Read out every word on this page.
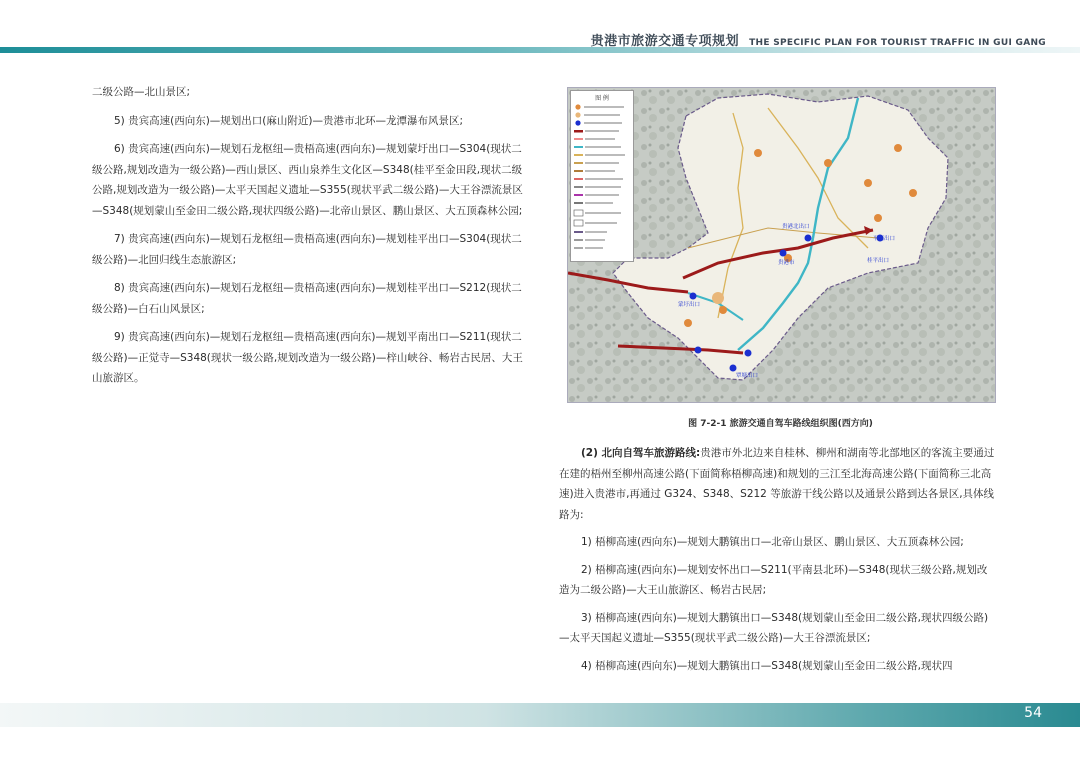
贵港市旅游交通专项规划 THE SPECIFIC PLAN FOR TOURIST TRAFFIC IN GUI GANG

二级公路—北山景区;

5) 贵宾高速(西向东)—规划出口(麻山附近)—贵港市北环—龙潭瀑布风景区;

6) 贵宾高速(西向东)—规划石龙枢纽—贵梧高速(西向东)—规划蒙圩出口—S304(现状二级公路,规划改造为一级公路)—西山景区、西山泉养生文化区—S348(桂平至金田段,现状二级公路,规划改造为一级公路)—太平天国起义遗址—S355(现状平武二级公路)—大王谷漂流景区—S348(规划蒙山至金田二级公路,现状四级公路)—北帝山景区、鹏山景区、大五顶森林公园;

7) 贵宾高速(西向东)—规划石龙枢纽—贵梧高速(西向东)—规划桂平出口—S304(现状二级公路)—北回归线生态旅游区;

8) 贵宾高速(西向东)—规划石龙枢纽—贵梧高速(西向东)—规划桂平出口—S212(现状二级公路)—白石山风景区;

9) 贵宾高速(西向东)—规划石龙枢纽—贵梧高速(西向东)—规划平南出口—S211(现状二级公路)—正觉寺—S348(现状一级公路,规划改造为一级公路)—梓山峡谷、畅岩古民居、大王山旅游区。

贵港北出口
桂平出口
平南出口
蒙圩出口
覃塘出口
贵港市
图 例
图 7-2-1 旅游交通自驾车路线组织图(西方向)

(2) 北向自驾车旅游路线:贵港市外北边来自桂林、柳州和湖南等北部地区的客流主要通过在建的梧州至柳州高速公路(下面简称梧柳高速)和规划的三江至北海高速公路(下面简称三北高速)进入贵港市,再通过 G324、S348、S212 等旅游干线公路以及通景公路到达各景区,具体线路为:

1) 梧柳高速(西向东)—规划大鹏镇出口—北帝山景区、鹏山景区、大五顶森林公园;

2) 梧柳高速(西向东)—规划安怀出口—S211(平南县北环)—S348(现状三级公路,规划改造为二级公路)—大王山旅游区、畅岩古民居;

3) 梧柳高速(西向东)—规划大鹏镇出口—S348(规划蒙山至金田二级公路,现状四级公路)—太平天国起义遗址—S355(现状平武二级公路)—大王谷漂流景区;

4) 梧柳高速(西向东)—规划大鹏镇出口—S348(规划蒙山至金田二级公路,现状四

54
